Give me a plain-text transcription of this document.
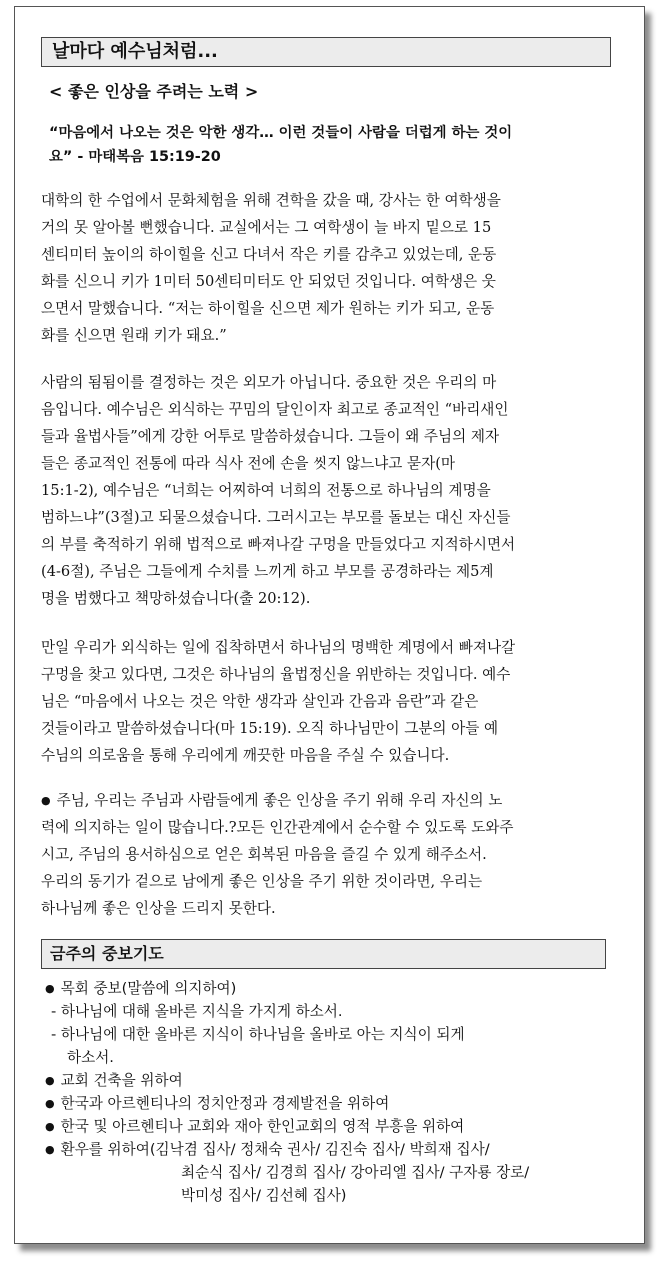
날마다 예수님처럼...
< 좋은 인상을 주려는 노력 >
“마음에서 나오는 것은 악한 생각… 이런 것들이 사람을 더럽게 하는 것이
요” - 마태복음 15:19-20
대학의 한 수업에서 문화체험을 위해 견학을 갔을 때, 강사는 한 여학생을
거의 못 알아볼 뻔했습니다. 교실에서는 그 여학생이 늘 바지 밑으로 15
센티미터 높이의 하이힐을 신고 다녀서 작은 키를 감추고 있었는데, 운동
화를 신으니 키가 1미터 50센티미터도 안 되었던 것입니다. 여학생은 웃
으면서 말했습니다. “저는 하이힐을 신으면 제가 원하는 키가 되고, 운동
화를 신으면 원래 키가 돼요.”
사람의 됨됨이를 결정하는 것은 외모가 아닙니다. 중요한 것은 우리의 마
음입니다. 예수님은 외식하는 꾸밈의 달인이자 최고로 종교적인 “바리새인
들과 율법사들”에게 강한 어투로 말씀하셨습니다. 그들이 왜 주님의 제자
들은 종교적인 전통에 따라 식사 전에 손을 씻지 않느냐고 묻자(마
15:1-2), 예수님은 “너희는 어찌하여 너희의 전통으로 하나님의 계명을
범하느냐”(3절)고 되물으셨습니다. 그러시고는 부모를 돌보는 대신 자신들
의 부를 축적하기 위해 법적으로 빠져나갈 구멍을 만들었다고 지적하시면서
(4-6절), 주님은 그들에게 수치를 느끼게 하고 부모를 공경하라는 제5계
명을 범했다고 책망하셨습니다(출 20:12).
만일 우리가 외식하는 일에 집착하면서 하나님의 명백한 계명에서 빠져나갈
구멍을 찾고 있다면, 그것은 하나님의 율법정신을 위반하는 것입니다. 예수
님은 “마음에서 나오는 것은 악한 생각과 살인과 간음과 음란”과 같은
것들이라고 말씀하셨습니다(마 15:19). 오직 하나님만이 그분의 아들 예
수님의 의로움을 통해 우리에게 깨끗한 마음을 주실 수 있습니다.
● 주님, 우리는 주님과 사람들에게 좋은 인상을 주기 위해 우리 자신의 노
력에 의지하는 일이 많습니다.?모든 인간관계에서 순수할 수 있도록 도와주
시고, 주님의 용서하심으로 얻은 회복된 마음을 즐길 수 있게 해주소서.
우리의 동기가 겉으로 남에게 좋은 인상을 주기 위한 것이라면, 우리는
하나님께 좋은 인상을 드리지 못한다.
금주의 중보기도
● 목회 중보(말씀에 의지하여)
- 하나님에 대해 올바른 지식을 가지게 하소서.
- 하나님에 대한 올바른 지식이 하나님을 올바로 아는 지식이 되게
하소서.
● 교회 건축을 위하여
● 한국과 아르헨티나의 정치안정과 경제발전을 위하여
● 한국 및 아르헨티나 교회와 재아 한인교회의 영적 부흥을 위하여
● 환우를 위하여(김낙겸 집사/ 정채숙 권사/ 김진숙 집사/ 박희재 집사/
최순식 집사/ 김경희 집사/ 강아리엘 집사/ 구자룡 장로/
박미성 집사/ 김선혜 집사)
